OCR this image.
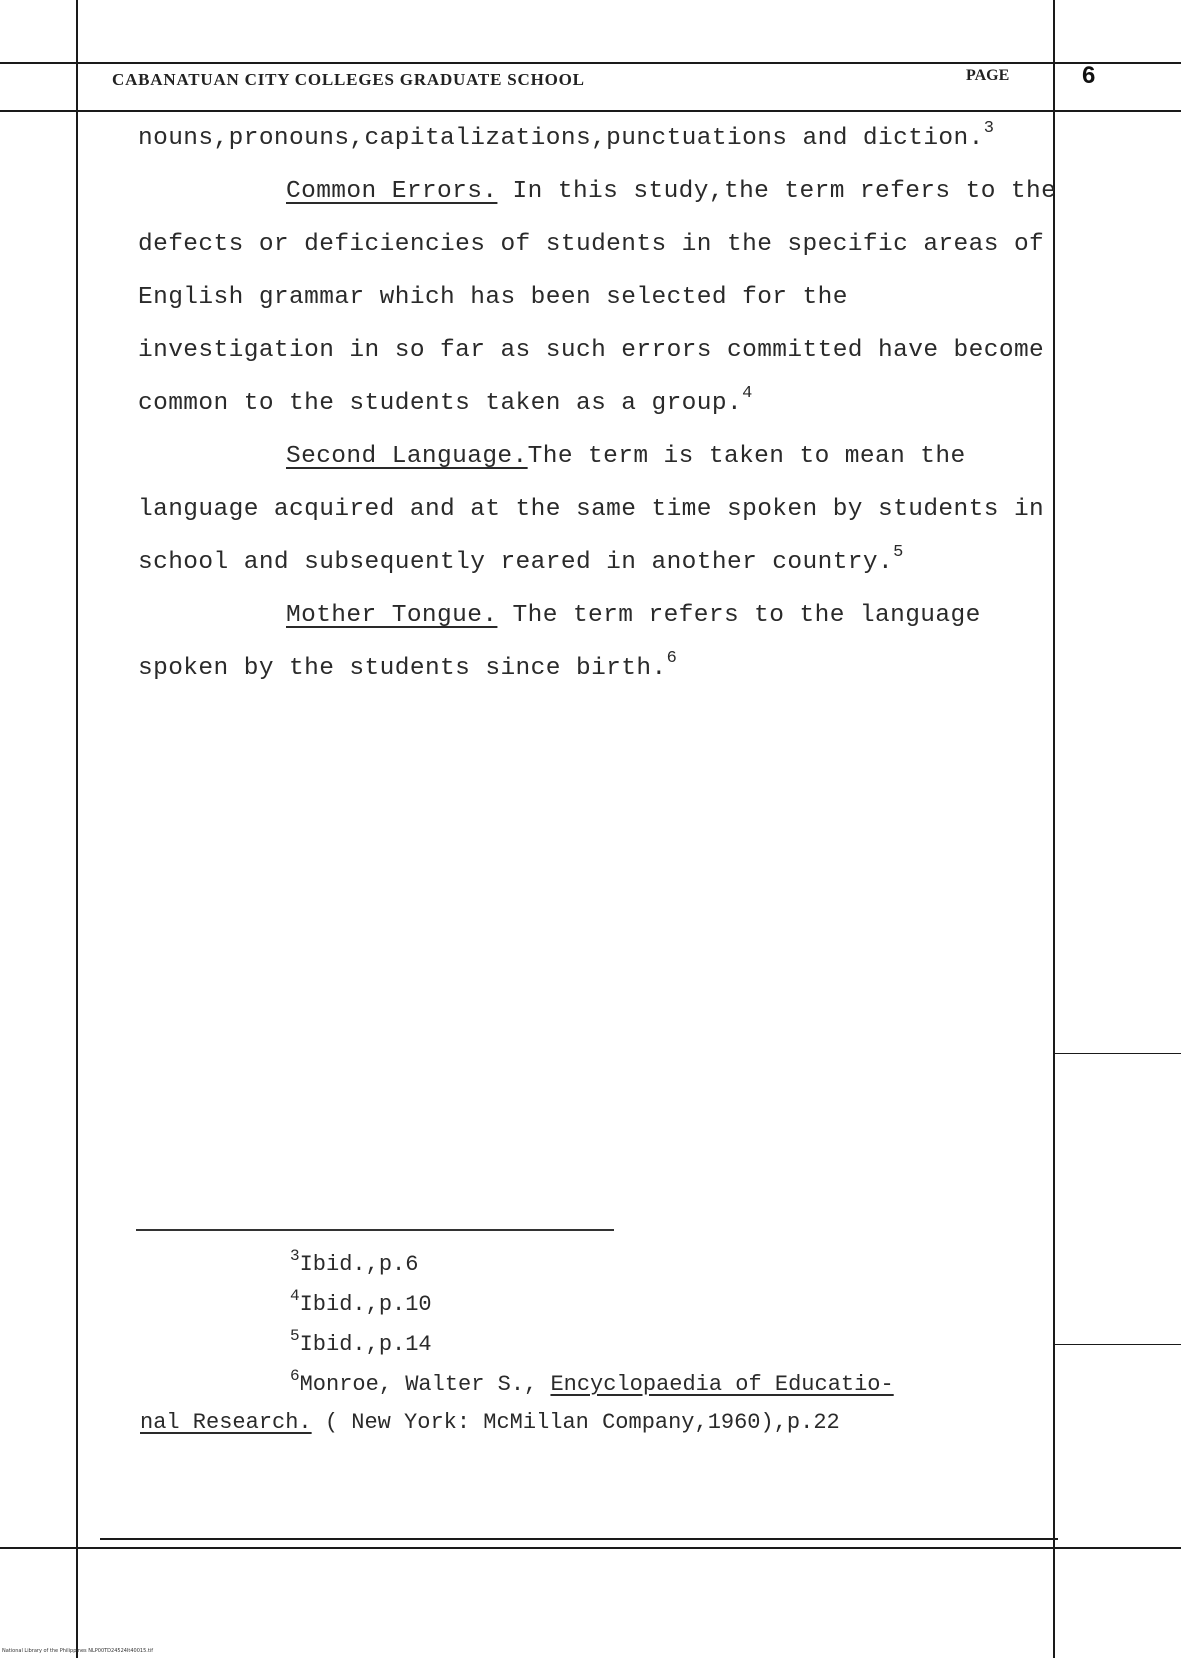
CABANATUAN CITY COLLEGES GRADUATE SCHOOL	PAGE	6

nouns,pronouns,capitalizations,punctuations and diction.$^3$

Common Errors. In this study,the term refers to the defects or deficiencies of students in the specific areas of English grammar which has been selected for the investigation in so far as such errors committed have become common to the students taken as a group.$^4$

Second Language.The term is taken to mean the language acquired and at the same time spoken by students in school and subsequently reared in another country.$^5$

Mother Tongue. The term refers to the language spoken by the students since birth.$^6$

$^3$Ibid.,p.6
$^4$Ibid.,p.10
$^5$Ibid.,p.14
$^6$Monroe, Walter S., Encyclopaedia of Educatio-
nal Research. ( New York: McMillan Company,1960),p.22
National Library of the Philippines NLP00TD24524It40015.tif
